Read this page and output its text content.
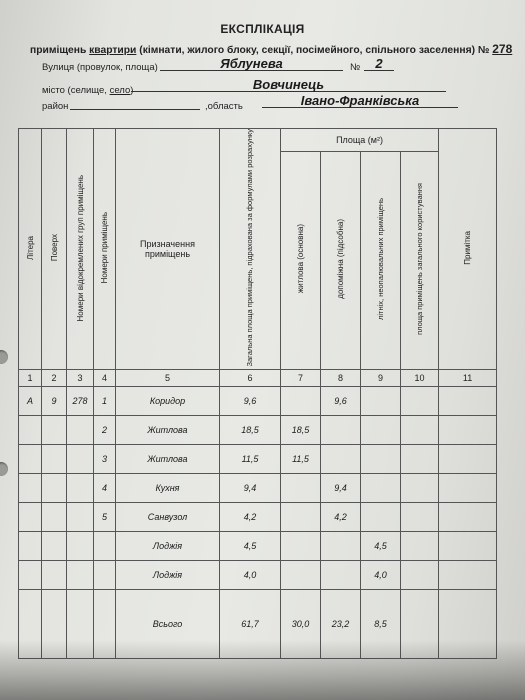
ЕКСПЛІКАЦІЯ
приміщень квартири (кімнати, жилого блоку, секції, посімейного, спільного заселення) № 278
Вулиця (провулок, площа)	Яблунева	№	2
місто (селище, село)	Вовчинець
район	,область	Івано-Франківська
Літера	Поверх	Номери відокремлених груп приміщень	Номери приміщень	Призначення приміщень	Загальна площа приміщень, підрахована за формулами розрахунку	Площа (м²)				Примітка
						житлова (основна)	допоміжна (підсобна)	літніх, неопалювальних приміщень	площа приміщень загального користування	
1	2	3	4	5	6	7	8	9	10	11
А	9	278	1	Коридор	9,6		9,6			
			2	Житлова	18,5	18,5				
			3	Житлова	11,5	11,5				
			4	Кухня	9,4		9,4			
			5	Санвузол	4,2		4,2			
				Лоджія	4,5			4,5		
				Лоджія	4,0			4,0		
				Всього	61,7	30,0	23,2	8,5		
